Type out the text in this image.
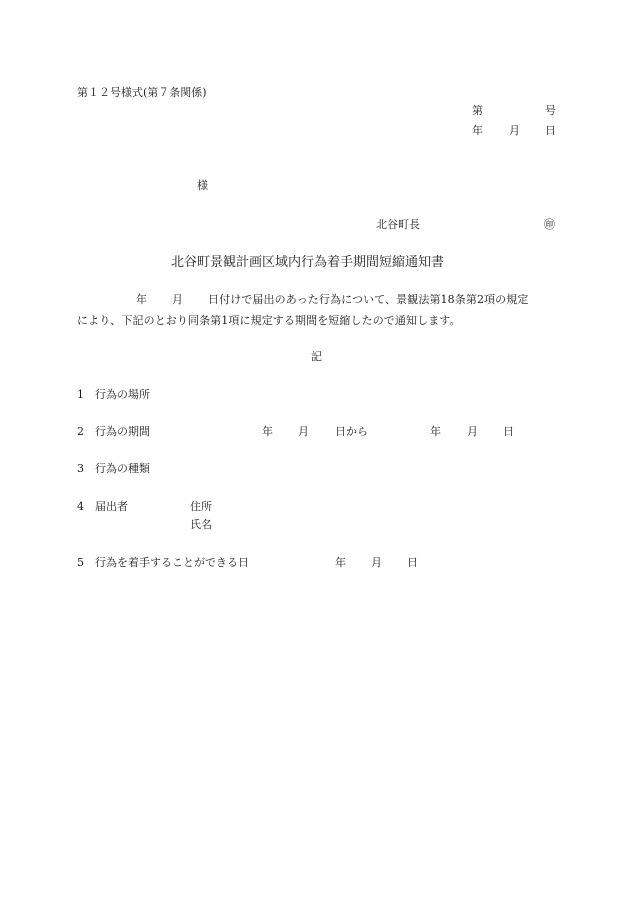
第１２号様式(第７条関係)
第	号
年 月 日
様
北谷町長	㊞
北谷町景観計画区域内行為着手期間短縮通知書
年 月 日付けで届出のあった行為について、景観法第18条第2項の規定
により、下記のとおり同条第1項に規定する期間を短縮したので通知します。
記
1 行為の場所
2 行為の期間	年 月 日から	年 月 日
3 行為の種類
4 届出者	住所
氏名
5 行為を着手することができる日	年 月 日
